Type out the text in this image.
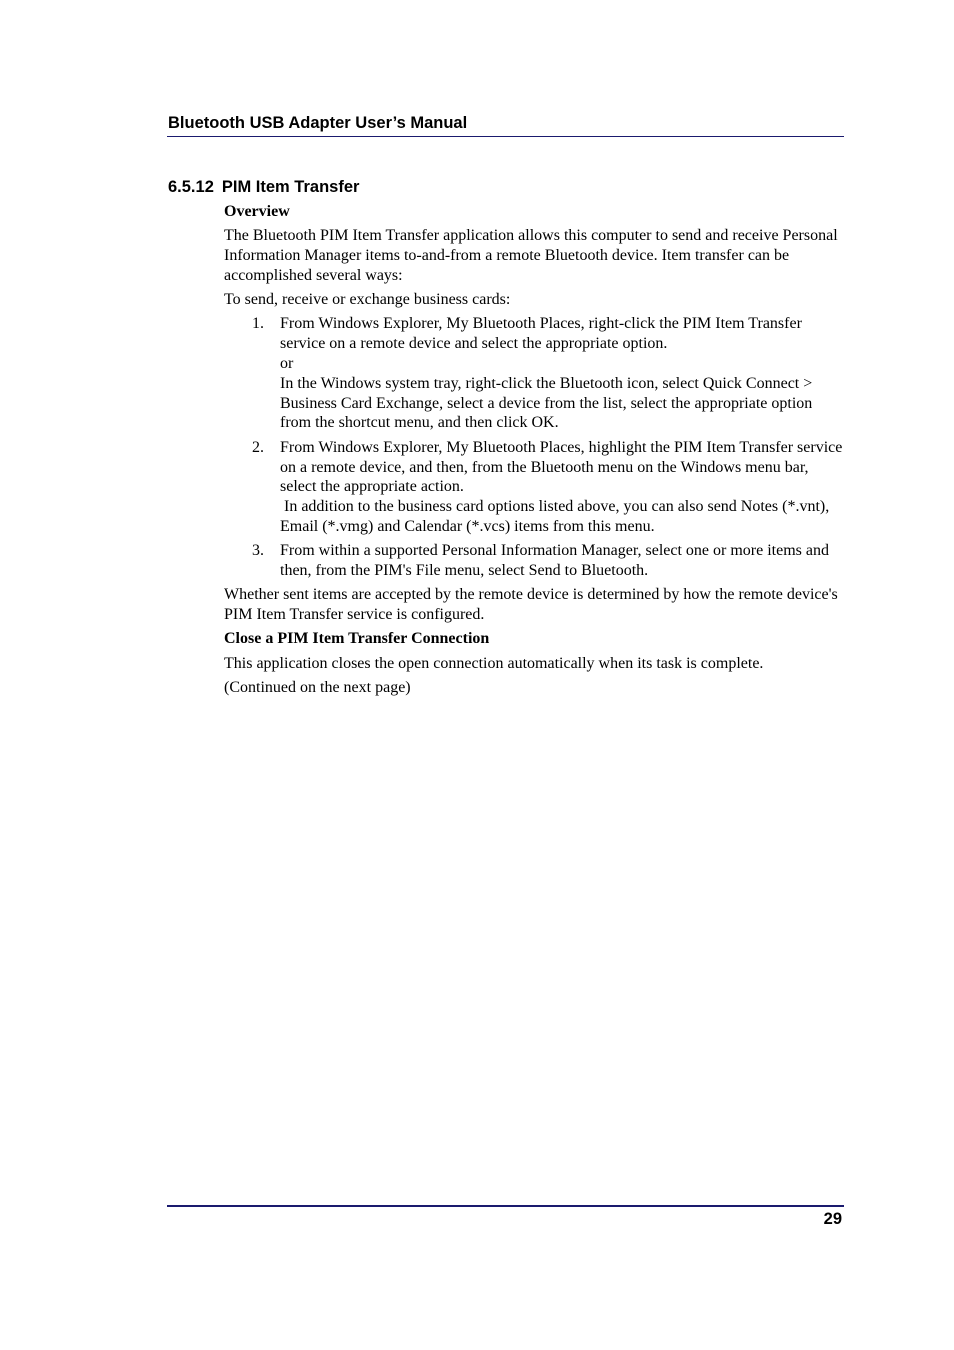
Bluetooth USB Adapter User’s Manual
6.5.12 PIM Item Transfer

Overview

The Bluetooth PIM Item Transfer application allows this computer to send and receive Personal Information Manager items to-and-from a remote Bluetooth device. Item transfer can be accomplished several ways:

To send, receive or exchange business cards:

1. From Windows Explorer, My Bluetooth Places, right-click the PIM Item Transfer service on a remote device and select the appropriate option.
or
In the Windows system tray, right-click the Bluetooth icon, select Quick Connect > Business Card Exchange, select a device from the list, select the appropriate option from the shortcut menu, and then click OK.
2. From Windows Explorer, My Bluetooth Places, highlight the PIM Item Transfer service on a remote device, and then, from the Bluetooth menu on the Windows menu bar, select the appropriate action.
In addition to the business card options listed above, you can also send Notes (*.vnt), Email (*.vmg) and Calendar (*.vcs) items from this menu.
3. From within a supported Personal Information Manager, select one or more items and then, from the PIM's File menu, select Send to Bluetooth.

Whether sent items are accepted by the remote device is determined by how the remote device's PIM Item Transfer service is configured.

Close a PIM Item Transfer Connection

This application closes the open connection automatically when its task is complete.

(Continued on the next page)

29
